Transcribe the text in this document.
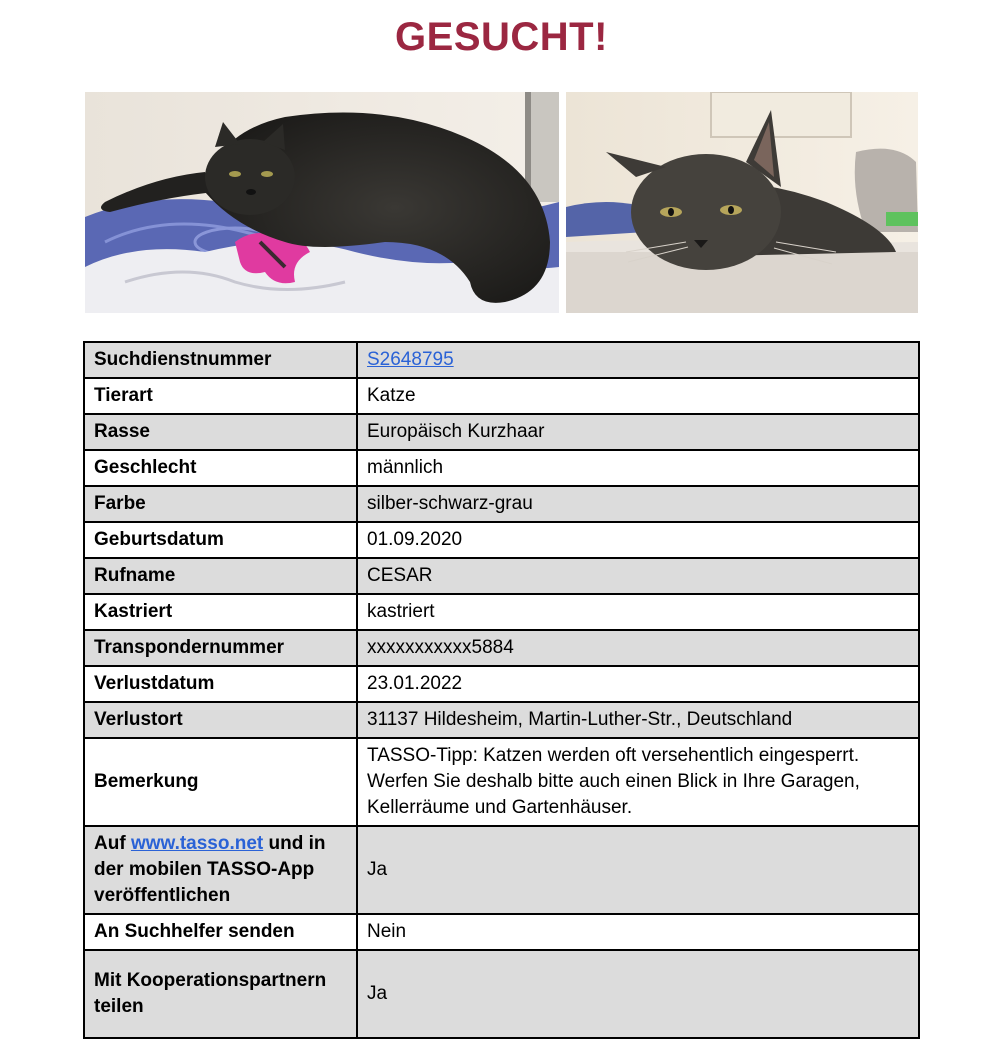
GESUCHT!
Suchdienstnummer	S2648795
Tierart	Katze
Rasse	Europäisch Kurzhaar
Geschlecht	männlich
Farbe	silber-schwarz-grau
Geburtsdatum	01.09.2020
Rufname	CESAR
Kastriert	kastriert
Transpondernummer	xxxxxxxxxxx5884
Verlustdatum	23.01.2022
Verlustort	31137 Hildesheim, Martin-Luther-Str., Deutschland
Bemerkung	TASSO-Tipp: Katzen werden oft versehentlich eingesperrt. Werfen Sie deshalb bitte auch einen Blick in Ihre Garagen, Kellerräume und Gartenhäuser.
Auf www.tasso.net und in der mobilen TASSO-App veröffentlichen	Ja
An Suchhelfer senden	Nein
Mit Kooperationspartnern teilen	Ja
